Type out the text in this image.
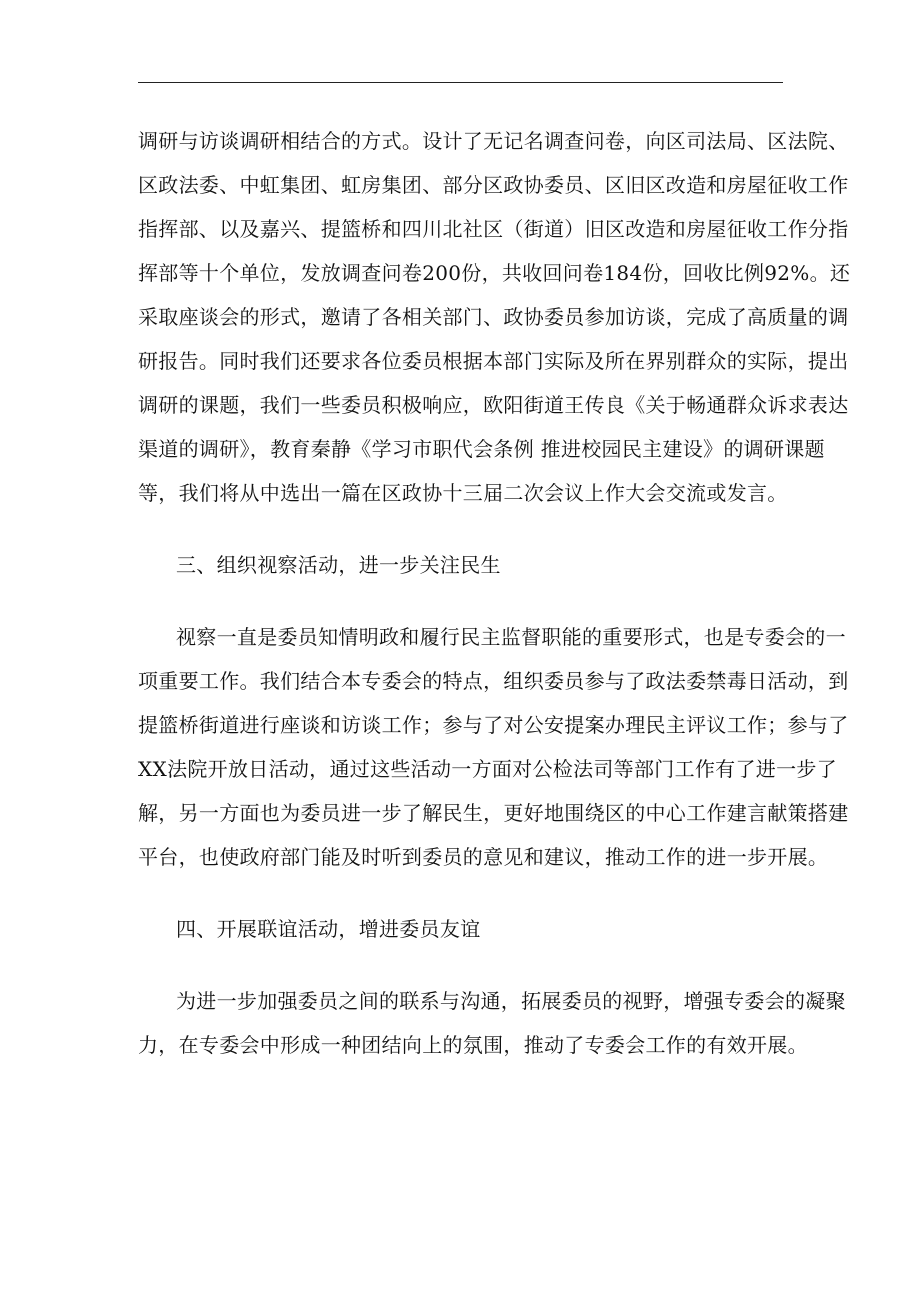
调研与访谈调研相结合的方式。设计了无记名调查问卷，向区司法局、区法院、
区政法委、中虹集团、虹房集团、部分区政协委员、区旧区改造和房屋征收工作
指挥部、以及嘉兴、提篮桥和四川北社区（街道）旧区改造和房屋征收工作分指
挥部等十个单位，发放调查问卷200份，共收回问卷184份，回收比例92%。还
采取座谈会的形式，邀请了各相关部门、政协委员参加访谈，完成了高质量的调
研报告。同时我们还要求各位委员根据本部门实际及所在界别群众的实际，提出
调研的课题，我们一些委员积极响应，欧阳街道王传良《关于畅通群众诉求表达
渠道的调研》，教育秦静《学习市职代会条例 推进校园民主建设》的调研课题
等，我们将从中选出一篇在区政协十三届二次会议上作大会交流或发言。
三、组织视察活动，进一步关注民生
视察一直是委员知情明政和履行民主监督职能的重要形式，也是专委会的一
项重要工作。我们结合本专委会的特点，组织委员参与了政法委禁毒日活动，到
提篮桥街道进行座谈和访谈工作；参与了对公安提案办理民主评议工作；参与了
XX法院开放日活动，通过这些活动一方面对公检法司等部门工作有了进一步了
解，另一方面也为委员进一步了解民生，更好地围绕区的中心工作建言献策搭建
平台，也使政府部门能及时听到委员的意见和建议，推动工作的进一步开展。
四、开展联谊活动，增进委员友谊
为进一步加强委员之间的联系与沟通，拓展委员的视野，增强专委会的凝聚
力，在专委会中形成一种团结向上的氛围，推动了专委会工作的有效开展。
